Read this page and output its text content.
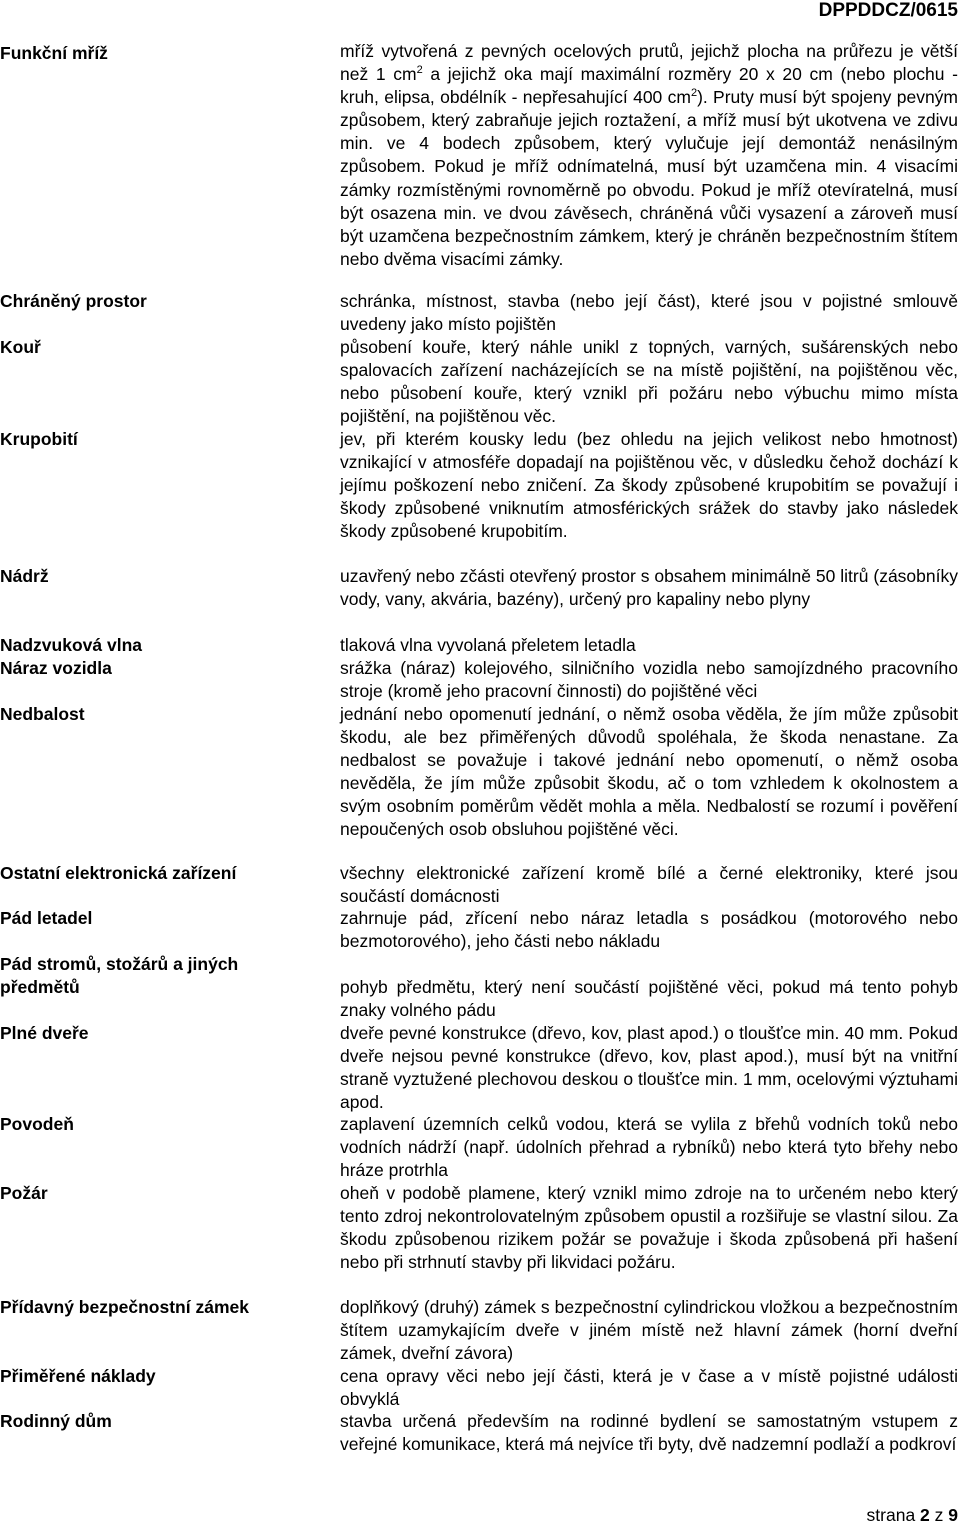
DPPDDCZ/0615
Funkční mříž	mříž vytvořená z pevných ocelových prutů, jejichž plocha na průřezu je větší než 1 $cm^2$ a jejichž oka mají maximální rozměry 20 x 20 cm (nebo plochu - kruh, elipsa, obdélník - nepřesahující 400 $cm^2$). Pruty musí být spojeny pevným způsobem, který zabraňuje jejich roztažení, a mříž musí být ukotvena ve zdivu min. ve 4 bodech způsobem, který vylučuje její demontáž nenásilným způsobem. Pokud je mříž odnímatelná, musí být uzamčena min. 4 visacími zámky rozmístěnými rovnoměrně po obvodu. Pokud je mříž otevíratelná, musí být osazena min. ve dvou závěsech, chráněná vůči vysazení a zároveň musí být uzamčena bezpečnostním zámkem, který je chráněn bezpečnostním štítem nebo dvěma visacími zámky.
Chráněný prostor	schránka, místnost, stavba (nebo její část), které jsou v pojistné smlouvě uvedeny jako místo pojištěn
Kouř	působení kouře, který náhle unikl z topných, varných, sušárenských nebo spalovacích zařízení nacházejících se na místě pojištění, na pojištěnou věc, nebo působení kouře, který vznikl při požáru nebo výbuchu mimo místa pojištění, na pojištěnou věc.
Krupobití	jev, při kterém kousky ledu (bez ohledu na jejich velikost nebo hmotnost) vznikající v atmosféře dopadají na pojištěnou věc, v důsledku čehož dochází k jejímu poškození nebo zničení. Za škody způsobené krupobitím se považují i škody způsobené vniknutím atmosférických srážek do stavby jako následek škody způsobené krupobitím.
Nádrž	uzavřený nebo zčásti otevřený prostor s obsahem minimálně 50 litrů (zásobníky vody, vany, akvária, bazény), určený pro kapaliny nebo plyny
Nadzvuková vlna	tlaková vlna vyvolaná přeletem letadla
Náraz vozidla	srážka (náraz) kolejového, silničního vozidla nebo samojízdného pracovního stroje (kromě jeho pracovní činnosti) do pojištěné věci
Nedbalost	jednání nebo opomenutí jednání, o němž osoba věděla, že jím může způsobit škodu, ale bez přiměřených důvodů spoléhala, že škoda nenastane. Za nedbalost se považuje i takové jednání nebo opomenutí, o němž osoba nevěděla, že jím může způsobit škodu, ač o tom vzhledem k okolnostem a svým osobním poměrům vědět mohla a měla. Nedbalostí se rozumí i pověření nepoučených osob obsluhou pojištěné věci.
Ostatní elektronická zařízení	všechny elektronické zařízení kromě bílé a černé elektroniky, které jsou součástí domácnosti
Pád letadel	zahrnuje pád, zřícení nebo náraz letadla s posádkou (motorového nebo bezmotorového), jeho části nebo nákladu
Pád stromů, stožárů a jiných
předmětů	pohyb předmětu, který není součástí pojištěné věci, pokud má tento pohyb znaky volného pádu
Plné dveře	dveře pevné konstrukce (dřevo, kov, plast apod.) o tloušťce min. 40 mm. Pokud dveře nejsou pevné konstrukce (dřevo, kov, plast apod.), musí být na vnitřní straně vyztužené plechovou deskou o tloušťce min. 1 mm, ocelovými výztuhami apod.
Povodeň	zaplavení územních celků vodou, která se vylila z břehů vodních toků nebo vodních nádrží (např. údolních přehrad a rybníků) nebo která tyto břehy nebo hráze protrhla
Požár	oheň v podobě plamene, který vznikl mimo zdroje na to určeném nebo který tento zdroj nekontrolovatelným způsobem opustil a rozšiřuje se vlastní silou. Za škodu způsobenou rizikem požár se považuje i škoda způsobená při hašení nebo při strhnutí stavby při likvidaci požáru.
Přídavný bezpečnostní zámek	doplňkový (druhý) zámek s bezpečnostní cylindrickou vložkou a bezpečnostním štítem uzamykajícím dveře v jiném místě než hlavní zámek (horní dveřní zámek, dveřní závora)
Přiměřené náklady	cena opravy věci nebo její části, která je v čase a v místě pojistné události obvyklá
Rodinný dům	stavba určená především na rodinné bydlení se samostatným vstupem z veřejné komunikace, která má nejvíce tři byty, dvě nadzemní podlaží a podkroví
strana 2 z 9
